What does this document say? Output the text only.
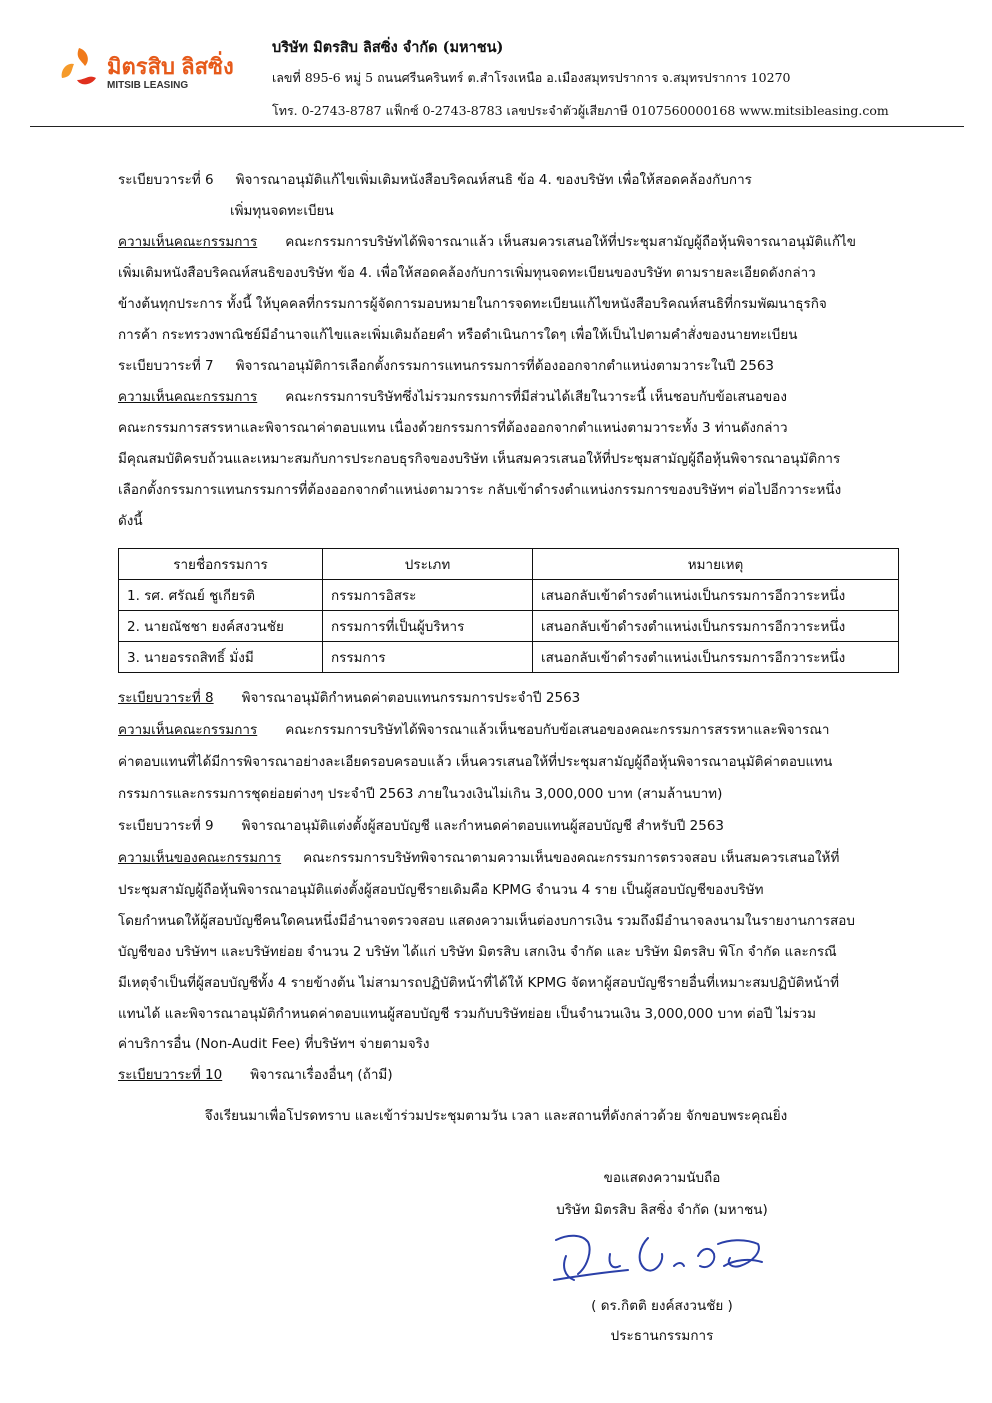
มิตรสิบ ลิสซิ่ง
MITSIB LEASING
บริษัท มิตรสิบ ลิสซิ่ง จำกัด (มหาชน)
เลขที่ 895-6 หมู่ 5 ถนนศรีนครินทร์ ต.สำโรงเหนือ อ.เมืองสมุทรปราการ จ.สมุทรปราการ 10270
โทร. 0-2743-8787 แฟ็กซ์ 0-2743-8783 เลขประจำตัวผู้เสียภาษี 0107560000168 www.mitsibleasing.com
ระเบียบวาระที่ 6 พิจารณาอนุมัติแก้ไขเพิ่มเติมหนังสือบริคณห์สนธิ ข้อ 4. ของบริษัท เพื่อให้สอดคล้องกับการ
เพิ่มทุนจดทะเบียน
ความเห็นคณะกรรมการ คณะกรรมการบริษัทได้พิจารณาแล้ว เห็นสมควรเสนอให้ที่ประชุมสามัญผู้ถือหุ้นพิจารณาอนุมัติแก้ไข
เพิ่มเติมหนังสือบริคณห์สนธิของบริษัท ข้อ 4. เพื่อให้สอดคล้องกับการเพิ่มทุนจดทะเบียนของบริษัท ตามรายละเอียดดังกล่าว
ข้างต้นทุกประการ ทั้งนี้ ให้บุคคลที่กรรมการผู้จัดการมอบหมายในการจดทะเบียนแก้ไขหนังสือบริคณห์สนธิที่กรมพัฒนาธุรกิจ
การค้า กระทรวงพาณิชย์มีอำนาจแก้ไขและเพิ่มเติมถ้อยคำ หรือดำเนินการใดๆ เพื่อให้เป็นไปตามคำสั่งของนายทะเบียน
ระเบียบวาระที่ 7 พิจารณาอนุมัติการเลือกตั้งกรรมการแทนกรรมการที่ต้องออกจากตำแหน่งตามวาระในปี 2563
ความเห็นคณะกรรมการ คณะกรรมการบริษัทซึ่งไม่รวมกรรมการที่มีส่วนได้เสียในวาระนี้ เห็นชอบกับข้อเสนอของ
คณะกรรมการสรรหาและพิจารณาค่าตอบแทน เนื่องด้วยกรรมการที่ต้องออกจากตำแหน่งตามวาระทั้ง 3 ท่านดังกล่าว
มีคุณสมบัติครบถ้วนและเหมาะสมกับการประกอบธุรกิจของบริษัท เห็นสมควรเสนอให้ที่ประชุมสามัญผู้ถือหุ้นพิจารณาอนุมัติการ
เลือกตั้งกรรมการแทนกรรมการที่ต้องออกจากตำแหน่งตามวาระ กลับเข้าดำรงตำแหน่งกรรมการของบริษัทฯ ต่อไปอีกวาระหนึ่ง
ดังนี้
รายชื่อกรรมการ	ประเภท	หมายเหตุ
1. รศ. ศรัณย์ ชูเกียรติ	กรรมการอิสระ	เสนอกลับเข้าดำรงตำแหน่งเป็นกรรมการอีกวาระหนึ่ง
2. นายณัชชา ยงค์สงวนชัย	กรรมการที่เป็นผู้บริหาร	เสนอกลับเข้าดำรงตำแหน่งเป็นกรรมการอีกวาระหนึ่ง
3. นายอรรถสิทธิ์ มั่งมี	กรรมการ	เสนอกลับเข้าดำรงตำแหน่งเป็นกรรมการอีกวาระหนึ่ง
ระเบียบวาระที่ 8 พิจารณาอนุมัติกำหนดค่าตอบแทนกรรมการประจำปี 2563
ความเห็นคณะกรรมการ คณะกรรมการบริษัทได้พิจารณาแล้วเห็นชอบกับข้อเสนอของคณะกรรมการสรรหาและพิจารณา
ค่าตอบแทนที่ได้มีการพิจารณาอย่างละเอียดรอบครอบแล้ว เห็นควรเสนอให้ที่ประชุมสามัญผู้ถือหุ้นพิจารณาอนุมัติค่าตอบแทน
กรรมการและกรรมการชุดย่อยต่างๆ ประจำปี 2563 ภายในวงเงินไม่เกิน 3,000,000 บาท (สามล้านบาท)
ระเบียบวาระที่ 9 พิจารณาอนุมัติแต่งตั้งผู้สอบบัญชี และกำหนดค่าตอบแทนผู้สอบบัญชี สำหรับปี 2563
ความเห็นของคณะกรรมการ คณะกรรมการบริษัทพิจารณาตามความเห็นของคณะกรรมการตรวจสอบ เห็นสมควรเสนอให้ที่
ประชุมสามัญผู้ถือหุ้นพิจารณาอนุมัติแต่งตั้งผู้สอบบัญชีรายเดิมคือ KPMG จำนวน 4 ราย เป็นผู้สอบบัญชีของบริษัท
โดยกำหนดให้ผู้สอบบัญชีคนใดคนหนึ่งมีอำนาจตรวจสอบ แสดงความเห็นต่องบการเงิน รวมถึงมีอำนาจลงนามในรายงานการสอบ
บัญชีของ บริษัทฯ และบริษัทย่อย จำนวน 2 บริษัท ได้แก่ บริษัท มิตรสิบ เสกเงิน จำกัด และ บริษัท มิตรสิบ พิโก จำกัด และกรณี
มีเหตุจำเป็นที่ผู้สอบบัญชีทั้ง 4 รายข้างต้น ไม่สามารถปฏิบัติหน้าที่ได้ให้ KPMG จัดหาผู้สอบบัญชีรายอื่นที่เหมาะสมปฏิบัติหน้าที่
แทนได้ และพิจารณาอนุมัติกำหนดค่าตอบแทนผู้สอบบัญชี รวมกับบริษัทย่อย เป็นจำนวนเงิน 3,000,000 บาท ต่อปี ไม่รวม
ค่าบริการอื่น (Non-Audit Fee) ที่บริษัทฯ จ่ายตามจริง
ระเบียบวาระที่ 10 พิจารณาเรื่องอื่นๆ (ถ้ามี)
จึงเรียนมาเพื่อโปรดทราบ และเข้าร่วมประชุมตามวัน เวลา และสถานที่ดังกล่าวด้วย จักขอบพระคุณยิ่ง
ขอแสดงความนับถือ
บริษัท มิตรสิบ ลิสซิ่ง จำกัด (มหาชน)
( ดร.กิตติ ยงค์สงวนชัย )
ประธานกรรมการ
